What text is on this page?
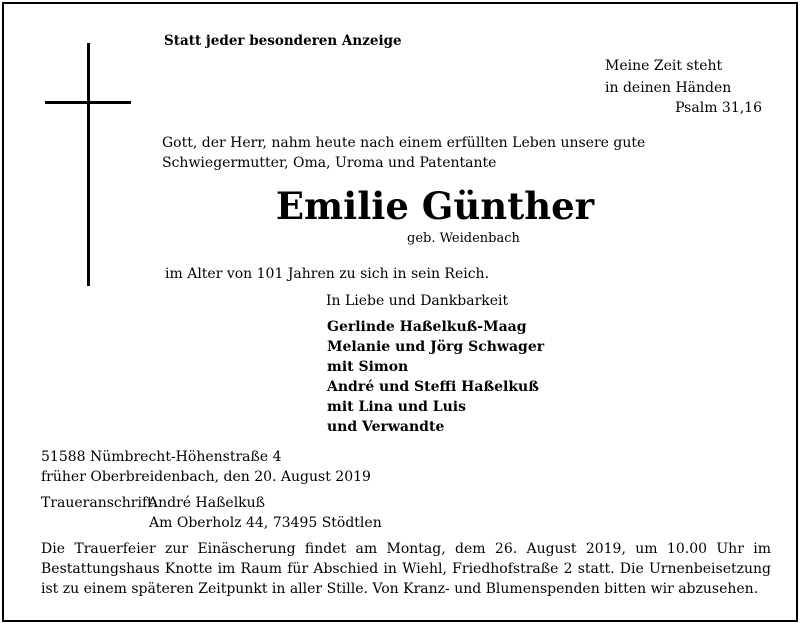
Statt jeder besonderen Anzeige
Meine Zeit steht
in deinen Händen
Psalm 31,16
Gott, der Herr, nahm heute nach einem erfüllten Leben unsere gute Schwiegermutter, Oma, Uroma und Patentante
Emilie Günther
geb. Weidenbach
im Alter von 101 Jahren zu sich in sein Reich.
In Liebe und Dankbarkeit
Gerlinde Haßelkuß-Maag
Melanie und Jörg Schwager
mit Simon
André und Steffi Haßelkuß
mit Lina und Luis
und Verwandte
51588 Nümbrecht-Höhenstraße 4
früher Oberbreidenbach, den 20. August 2019
Traueranschrift:
André Haßelkuß
Am Oberholz 44, 73495 Stödtlen
Die Trauerfeier zur Einäscherung findet am Montag, dem 26. August 2019, um 10.00 Uhr im Bestattungshaus Knotte im Raum für Abschied in Wiehl, Friedhofstraße 2 statt. Die Urnenbeisetzung ist zu einem späteren Zeitpunkt in aller Stille. Von Kranz- und Blumenspenden bitten wir abzusehen.
